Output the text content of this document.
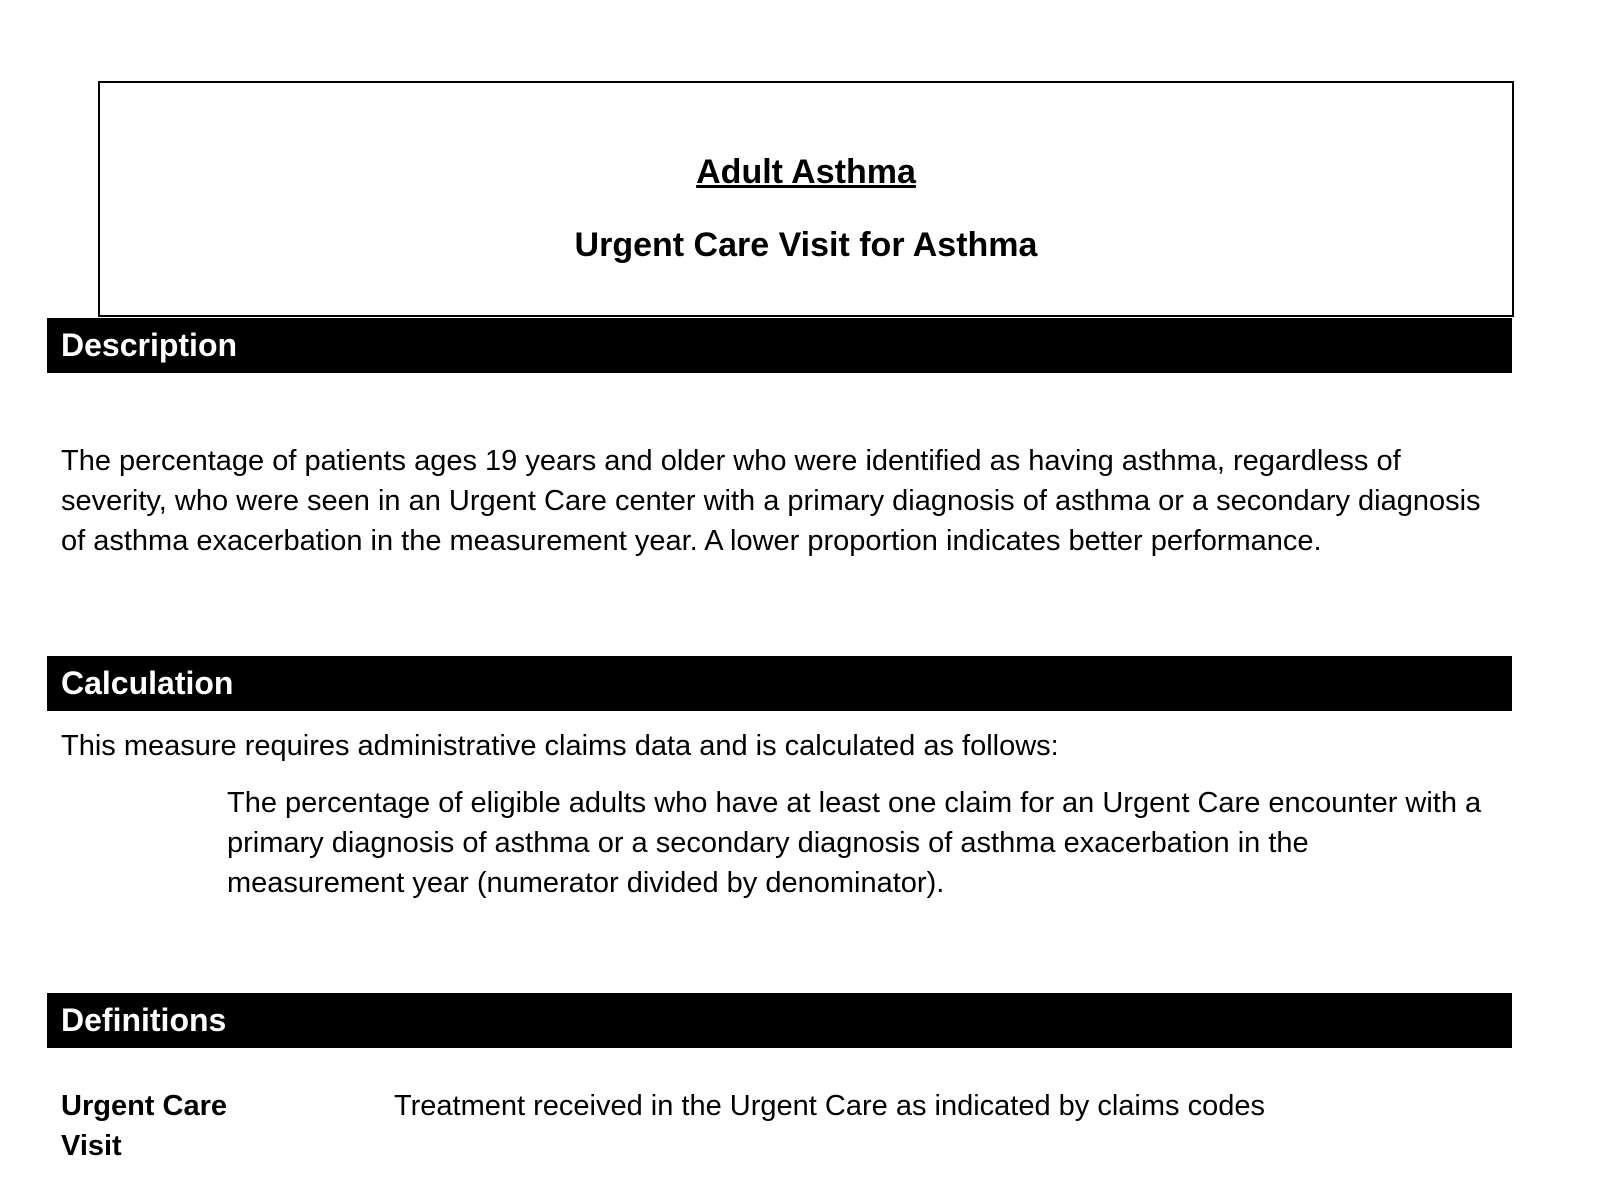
Adult Asthma
Urgent Care Visit for Asthma
Description
The percentage of patients ages 19 years and older who were identified as having asthma, regardless of severity, who were seen in an Urgent Care center with a primary diagnosis of asthma or a secondary diagnosis of asthma exacerbation in the measurement year. A lower proportion indicates better performance.
Calculation
This measure requires administrative claims data and is calculated as follows:
The percentage of eligible adults who have at least one claim for an Urgent Care encounter with a primary diagnosis of asthma or a secondary diagnosis of asthma exacerbation in the measurement year (numerator divided by denominator).
Definitions
Urgent Care Visit
Treatment received in the Urgent Care as indicated by claims codes
